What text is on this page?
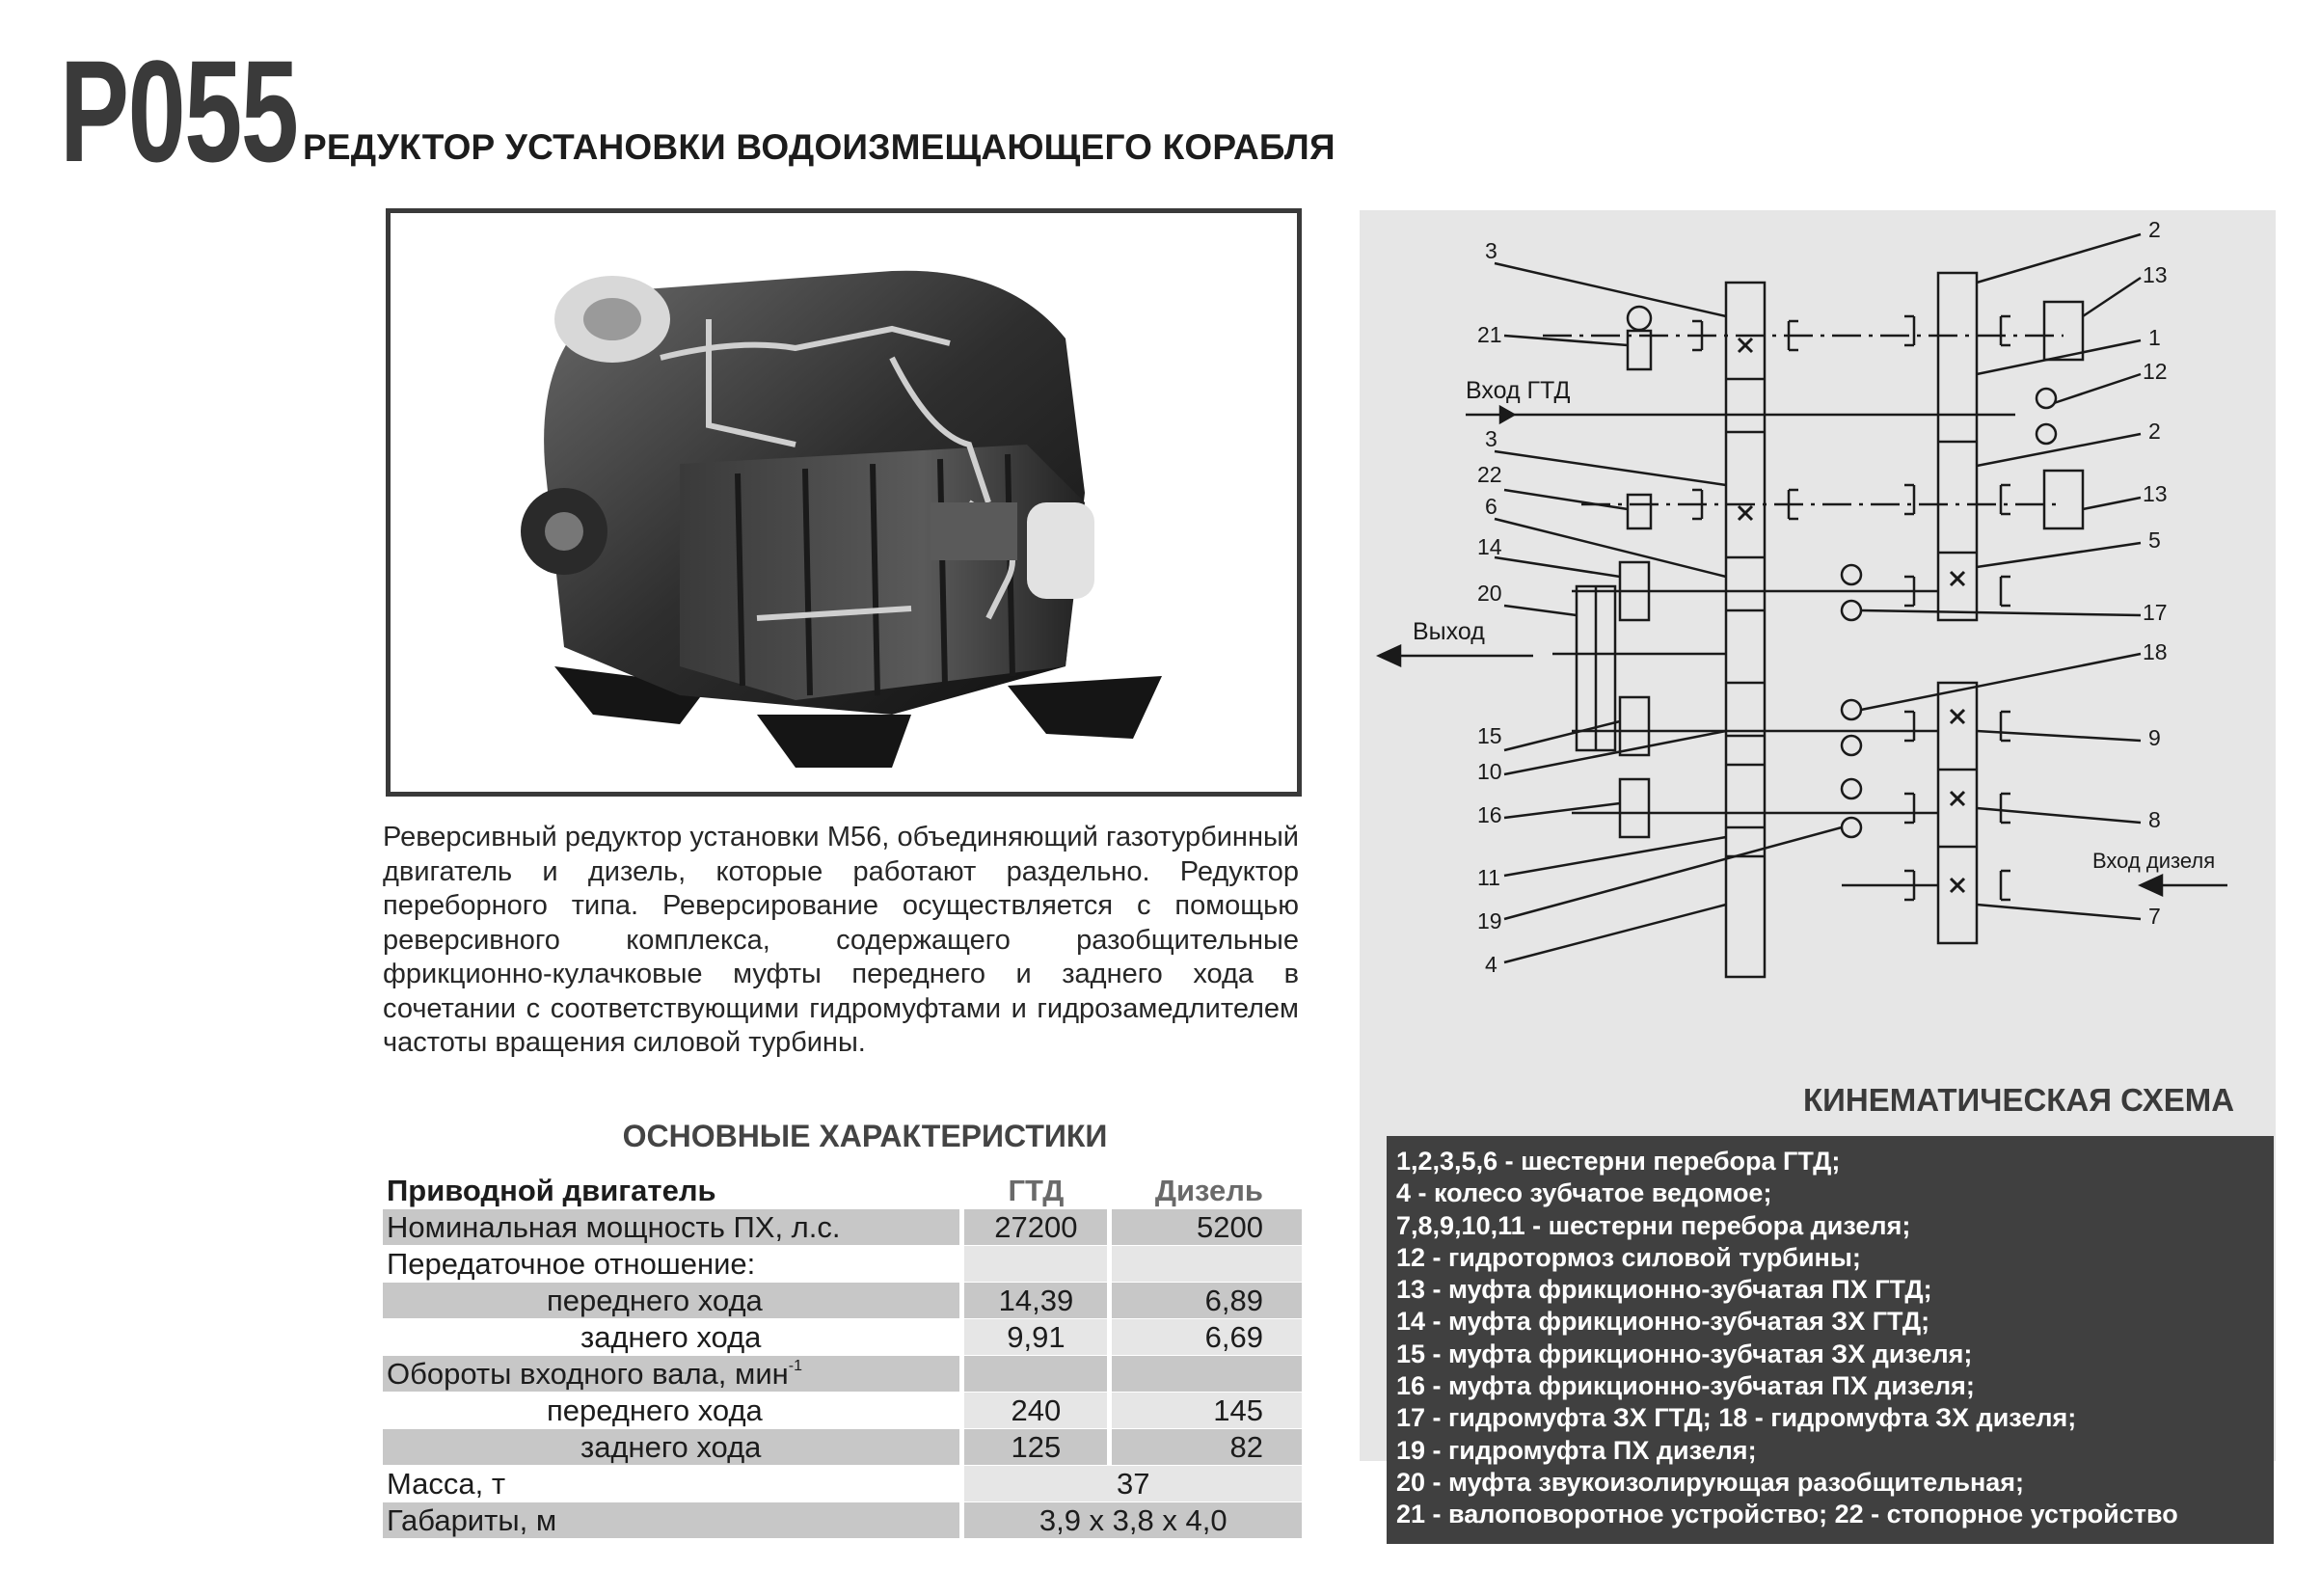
Р055 РЕДУКТОР УСТАНОВКИ ВОДОИЗМЕЩАЮЩЕГО КОРАБЛЯ

Реверсивный редуктор установки М56, объединяющий газотурбинный двигатель и дизель, которые работают раздельно. Редуктор переборного типа. Реверсирование осуществляется с помощью реверсивного комплекса, содержащего разобщительные фрикционно-кулачковые муфты переднего и заднего хода в сочетании с соответствующими гидромуфтами и гидрозамедлителем частоты вращения силовой турбины.

ОСНОВНЫЕ ХАРАКТЕРИСТИКИ
Приводной двигатель	ГТД	Дизель
Номинальная мощность ПХ, л.с.	27200	5200
Передаточное отношение:		
переднего хода	14,39	6,89
заднего хода	9,91	6,69
Обороты входного вала, мин$^{-1}$		
переднего хода	240	145
заднего хода	125	82
Масса, т	37	
Габариты, м	3,9 х 3,8 х 4,0	
3
21
3
22
6
14
20
15
10
16
11
19
4
2
13
1
12
2
13
5
17
18
9
8
7
Вход ГТД
Выход
Вход дизеля
КИНЕМАТИЧЕСКАЯ СХЕМА
1,2,3,5,6 - шестерни перебора ГТД;
4 - колесо зубчатое ведомое;
7,8,9,10,11 - шестерни перебора дизеля;
12 - гидротормоз силовой турбины;
13 - муфта фрикционно-зубчатая ПХ ГТД;
14 - муфта фрикционно-зубчатая ЗХ ГТД;
15 - муфта фрикционно-зубчатая ЗХ дизеля;
16 - муфта фрикционно-зубчатая ПХ дизеля;
17 - гидромуфта ЗХ ГТД; 18 - гидромуфта ЗХ дизеля;
19 - гидромуфта ПХ дизеля;
20 - муфта звукоизолирующая разобщительная;
21 - валоповоротное устройство; 22 - стопорное устройство
